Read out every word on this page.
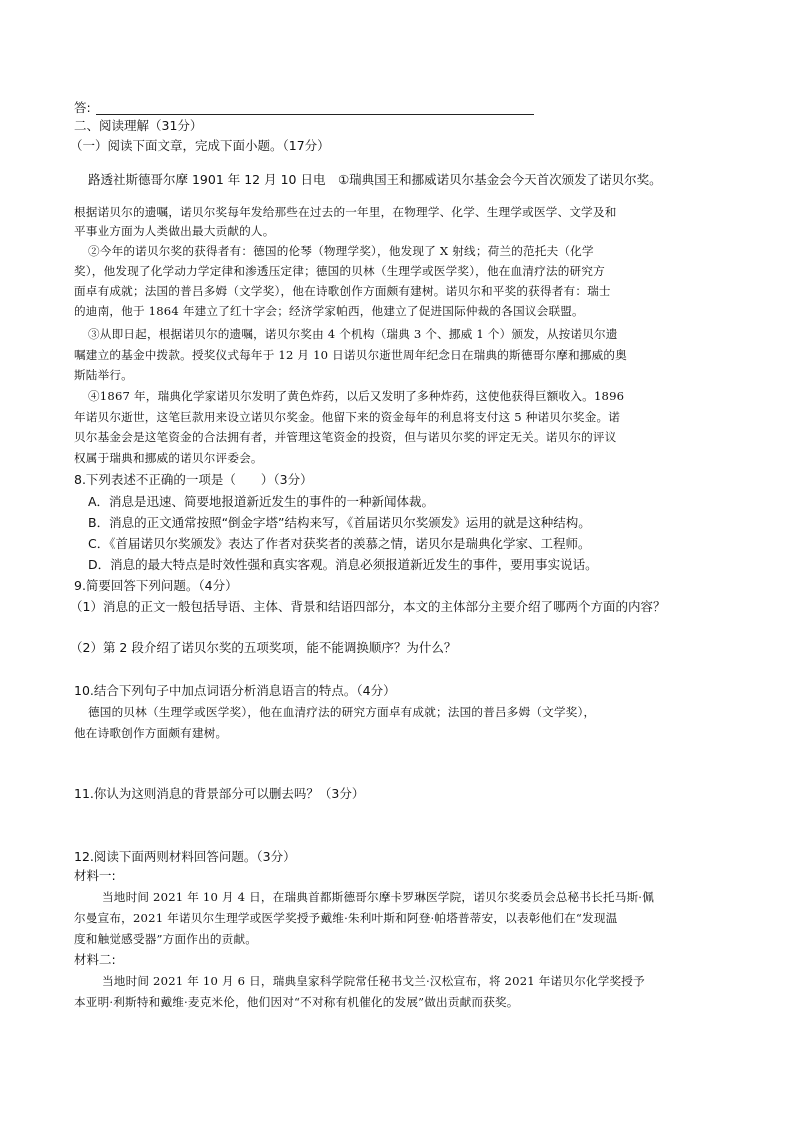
答:
二、阅读理解（31分）
（一）阅读下面文章，完成下面小题。（17分）
路透社斯德哥尔摩 1901 年 12 月 10 日电　①瑞典国王和挪威诺贝尔基金会今天首次颁发了诺贝尔奖。
根据诺贝尔的遗嘱，诺贝尔奖每年发给那些在过去的一年里，在物理学、化学、生理学或医学、文学及和
平事业方面为人类做出最大贡献的人。
②今年的诺贝尔奖的获得者有：德国的伦琴（物理学奖），他发现了 X 射线；荷兰的范托夫（化学
奖），他发现了化学动力学定律和渗透压定律；德国的贝林（生理学或医学奖），他在血清疗法的研究方
面卓有成就；法国的普吕多姆（文学奖），他在诗歌创作方面颇有建树。诺贝尔和平奖的获得者有：瑞士
的迪南，他于 1864 年建立了红十字会；经济学家帕西，他建立了促进国际仲裁的各国议会联盟。
③从即日起，根据诺贝尔的遗嘱，诺贝尔奖由 4 个机构（瑞典 3 个、挪威 1 个）颁发，从按诺贝尔遗
嘱建立的基金中拨款。授奖仪式每年于 12 月 10 日诺贝尔逝世周年纪念日在瑞典的斯德哥尔摩和挪威的奥
斯陆举行。
④1867 年，瑞典化学家诺贝尔发明了黄色炸药，以后又发明了多种炸药，这使他获得巨额收入。1896
年诺贝尔逝世，这笔巨款用来设立诺贝尔奖金。他留下来的资金每年的利息将支付这 5 种诺贝尔奖金。诺
贝尔基金会是这笔资金的合法拥有者，并管理这笔资金的投资，但与诺贝尔奖的评定无关。诺贝尔的评议
权属于瑞典和挪威的诺贝尔评委会。
8.下列表述不正确的一项是（　　）（3分）
A．消息是迅速、简要地报道新近发生的事件的一种新闻体裁。
B．消息的正文通常按照“倒金字塔”结构来写，《首届诺贝尔奖颁发》运用的就是这种结构。
C．《首届诺贝尔奖颁发》表达了作者对获奖者的羡慕之情，诺贝尔是瑞典化学家、工程师。
D．消息的最大特点是时效性强和真实客观。消息必须报道新近发生的事件，要用事实说话。
9.简要回答下列问题。（4分）
（1）消息的正文一般包括导语、主体、背景和结语四部分，本文的主体部分主要介绍了哪两个方面的内容？
（2）第 2 段介绍了诺贝尔奖的五项奖项，能不能调换顺序？为什么？
10.结合下列句子中加点词语分析消息语言的特点。（4分）
德国的贝林（生理学或医学奖），他在血清疗法的研究方面卓有成就；法国的普吕多姆（文学奖），
他在诗歌创作方面颇有建树。
11.你认为这则消息的背景部分可以删去吗？（3分）
12.阅读下面两则材料回答问题。（3分）
材料一:
当地时间 2021 年 10 月 4 日，在瑞典首都斯德哥尔摩卡罗琳医学院，诺贝尔奖委员会总秘书长托马斯·佩
尔曼宣布，2021 年诺贝尔生理学或医学奖授予戴维·朱利叶斯和阿登·帕塔普蒂安，以表彰他们在“发现温
度和触觉感受器”方面作出的贡献。
材料二:
当地时间 2021 年 10 月 6 日，瑞典皇家科学院常任秘书戈兰·汉松宣布，将 2021 年诺贝尔化学奖授予
本亚明·利斯特和戴维·麦克米伦，他们因对“不对称有机催化的发展”做出贡献而获奖。
